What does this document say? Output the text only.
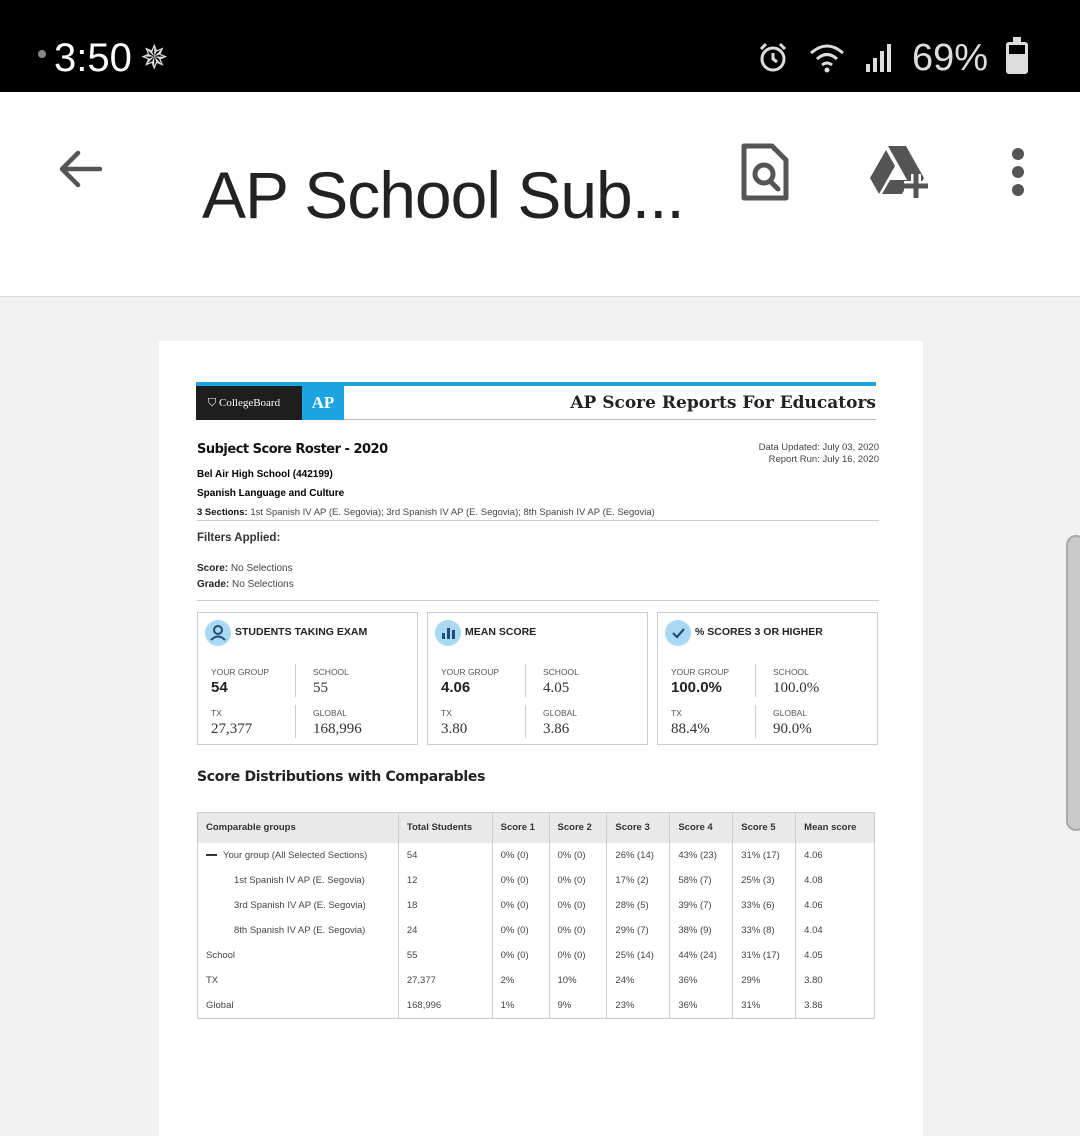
3:50 ✵	69%
AP School Sub...
⛉ CollegeBoard	AP	AP Score Reports For Educators
Subject Score Roster - 2020	Data Updated: July 03, 2020
Report Run: July 16, 2020
Bel Air High School (442199)
Spanish Language and Culture
3 Sections: 1st Spanish IV AP (E. Segovia); 3rd Spanish IV AP (E. Segovia); 8th Spanish IV AP (E. Segovia)
Filters Applied:
Score: No Selections
Grade: No Selections
STUDENTS TAKING EXAM
YOUR GROUP
54
SCHOOL
55
TX
27,377
GLOBAL
168,996
MEAN SCORE
YOUR GROUP
4.06
SCHOOL
4.05
TX
3.80
GLOBAL
3.86
% SCORES 3 OR HIGHER
YOUR GROUP
100.0%
SCHOOL
100.0%
TX
88.4%
GLOBAL
90.0%
Score Distributions with Comparables
Comparable groups	Total Students	Score 1	Score 2	Score 3	Score 4	Score 5	Mean score
Your group (All Selected Sections)	54	0% (0)	0% (0)	26% (14)	43% (23)	31% (17)	4.06
1st Spanish IV AP (E. Segovia)	12	0% (0)	0% (0)	17% (2)	58% (7)	25% (3)	4.08
3rd Spanish IV AP (E. Segovia)	18	0% (0)	0% (0)	28% (5)	39% (7)	33% (6)	4.06
8th Spanish IV AP (E. Segovia)	24	0% (0)	0% (0)	29% (7)	38% (9)	33% (8)	4.04
School	55	0% (0)	0% (0)	25% (14)	44% (24)	31% (17)	4.05
TX	27,377	2%	10%	24%	36%	29%	3.80
Global	168,996	1%	9%	23%	36%	31%	3.86
